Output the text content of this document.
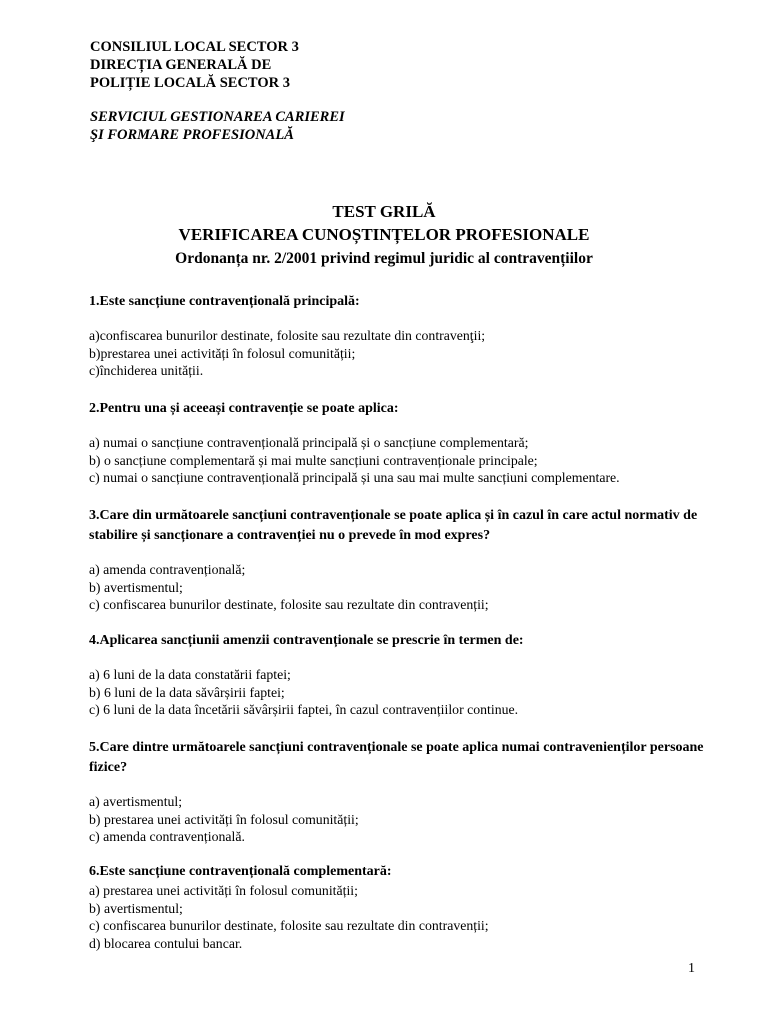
CONSILIUL LOCAL SECTOR 3
DIRECȚIA GENERALĂ DE
POLIȚIE LOCALĂ SECTOR 3
SERVICIUL GESTIONAREA CARIEREI
ŞI FORMARE PROFESIONALĂ
TEST GRILĂ
VERIFICAREA CUNOȘTINȚELOR PROFESIONALE
Ordonanța nr. 2/2001 privind regimul juridic al contravențiilor
1.Este sancțiune contravențională principală:
a)confiscarea bunurilor destinate, folosite sau rezultate din contravenţii;
b)prestarea unei activități în folosul comunității;
c)închiderea unității.
2.Pentru una și aceeași contravenție se poate aplica:
a) numai o sancțiune contravențională principală și o sancțiune complementară;
b) o sancțiune complementară și mai multe sancțiuni contravenționale principale;
c) numai o sancțiune contravențională principală și una sau mai multe sancțiuni complementare.
3.Care din următoarele sancțiuni contravenționale se poate aplica și în cazul în care actul normativ de stabilire și sancționare a contravenției nu o prevede în mod expres?
a) amenda contravențională;
b) avertismentul;
c) confiscarea bunurilor destinate, folosite sau rezultate din contravenții;
4.Aplicarea sancțiunii amenzii contravenționale se prescrie în termen de:
a) 6 luni de la data constatării faptei;
b) 6 luni de la data săvârșirii faptei;
c) 6 luni de la data încetării săvârșirii faptei, în cazul contravențiilor continue.
5.Care dintre următoarele sancțiuni contravenționale se poate aplica numai contravenienților persoane fizice?
a) avertismentul;
b) prestarea unei activități în folosul comunității;
c) amenda contravențională.
6.Este sancțiune contravențională complementară:
a) prestarea unei activități în folosul comunității;
b) avertismentul;
c) confiscarea bunurilor destinate, folosite sau rezultate din contravenții;
d) blocarea contului bancar.
1
